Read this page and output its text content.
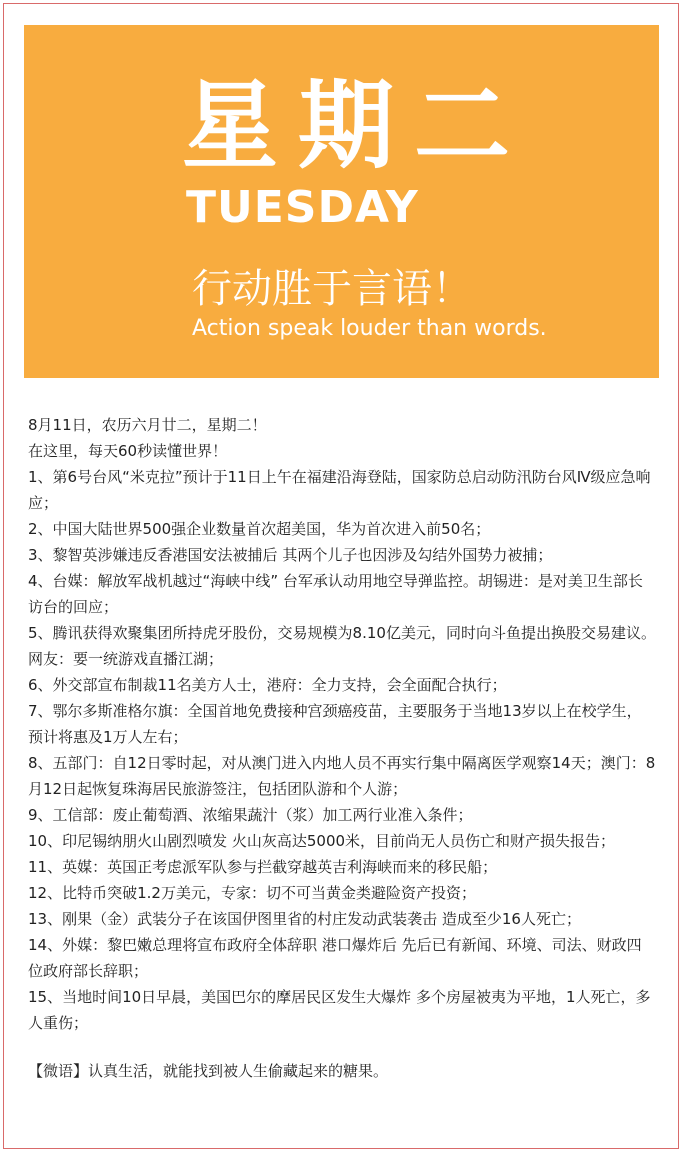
星期二
TUESDAY
行动胜于言语！
Action speak louder than words.

8月11日，农历六月廿二，星期二！

在这里，每天60秒读懂世界！

1、第6号台风“米克拉”预计于11日上午在福建沿海登陆，国家防总启动防汛防台风Ⅳ级应急响应；

2、中国大陆世界500强企业数量首次超美国，华为首次进入前50名；

3、黎智英涉嫌违反香港国安法被捕后 其两个儿子也因涉及勾结外国势力被捕；

4、台媒：解放军战机越过“海峡中线” 台军承认动用地空导弹监控。胡锡进：是对美卫生部长访台的回应；

5、腾讯获得欢聚集团所持虎牙股份，交易规模为8.10亿美元，同时向斗鱼提出换股交易建议。网友：要一统游戏直播江湖；

6、外交部宣布制裁11名美方人士，港府：全力支持，会全面配合执行；

7、鄂尔多斯准格尔旗：全国首地免费接种宫颈癌疫苗，主要服务于当地13岁以上在校学生，预计将惠及1万人左右；

8、五部门：自12日零时起，对从澳门进入内地人员不再实行集中隔离医学观察14天；澳门：8月12日起恢复珠海居民旅游签注，包括团队游和个人游；

9、工信部：废止葡萄酒、浓缩果蔬汁（浆）加工两行业准入条件；

10、印尼锡纳朋火山剧烈喷发 火山灰高达5000米，目前尚无人员伤亡和财产损失报告；

11、英媒：英国正考虑派军队参与拦截穿越英吉利海峡而来的移民船；

12、比特币突破1.2万美元，专家：切不可当黄金类避险资产投资；

13、刚果（金）武装分子在该国伊图里省的村庄发动武装袭击 造成至少16人死亡；

14、外媒：黎巴嫩总理将宣布政府全体辞职 港口爆炸后 先后已有新闻、环境、司法、财政四位政府部长辞职；

15、当地时间10日早晨，美国巴尔的摩居民区发生大爆炸 多个房屋被夷为平地，1人死亡，多人重伤；

【微语】认真生活，就能找到被人生偷藏起来的糖果。
